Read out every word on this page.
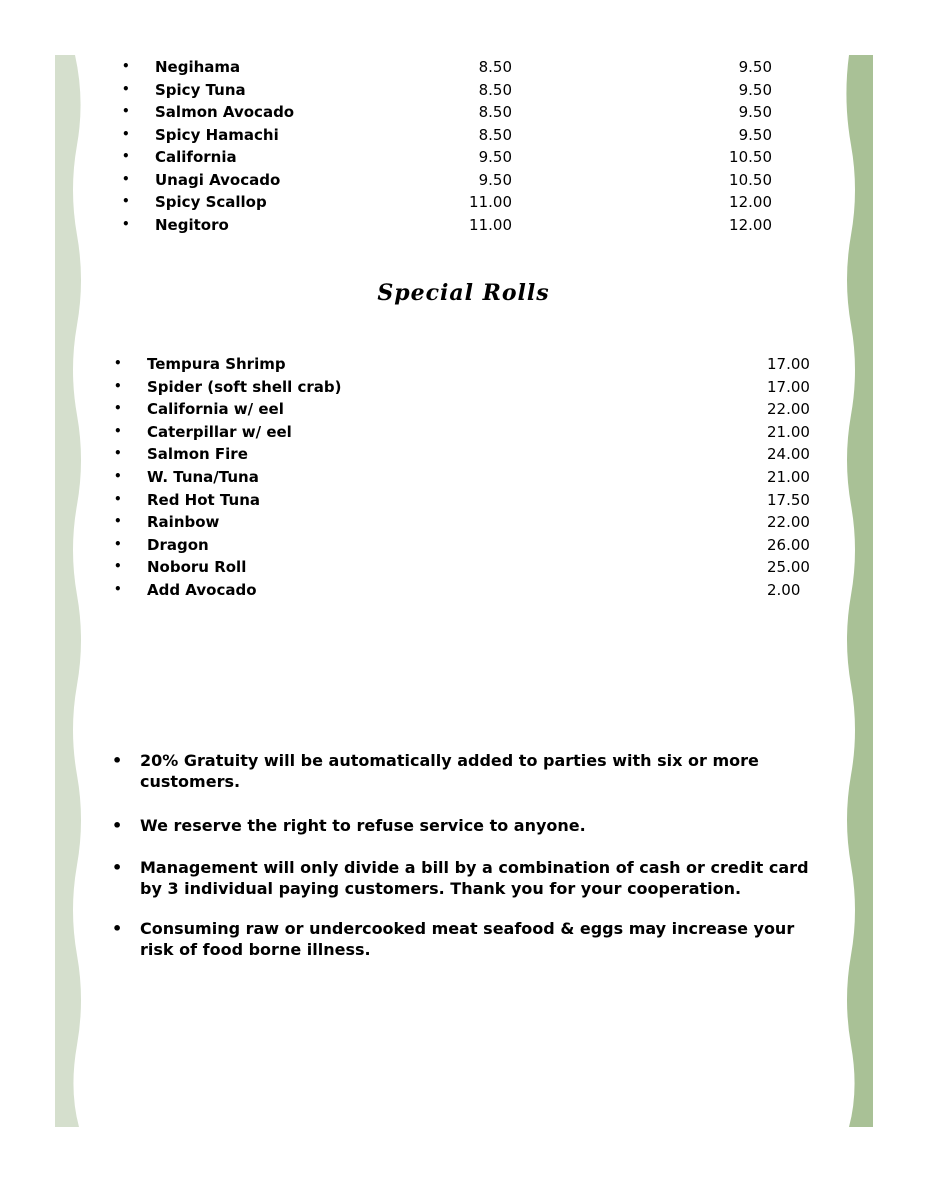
• Negihama	8.50	9.50
• Spicy Tuna	8.50	9.50
• Salmon Avocado	8.50	9.50
• Spicy Hamachi	8.50	9.50
• California	9.50	10.50
• Unagi Avocado	9.50	10.50
• Spicy Scallop	11.00	12.00
• Negitoro	11.00	12.00
Special Rolls
• Tempura Shrimp	17.00
• Spider (soft shell crab)	17.00
• California w/ eel	22.00
• Caterpillar w/ eel	21.00
• Salmon Fire	24.00
• W. Tuna/Tuna	21.00
• Red Hot Tuna	17.50
• Rainbow	22.00
• Dragon	26.00
• Noboru Roll	25.00
• Add Avocado	2.00
• 20% Gratuity will be automatically added to parties with six or more customers.
• We reserve the right to refuse service to anyone.
• Management will only divide a bill by a combination of cash or credit card by 3 individual paying customers. Thank you for your cooperation.
• Consuming raw or undercooked meat seafood & eggs may increase your risk of food borne illness.
